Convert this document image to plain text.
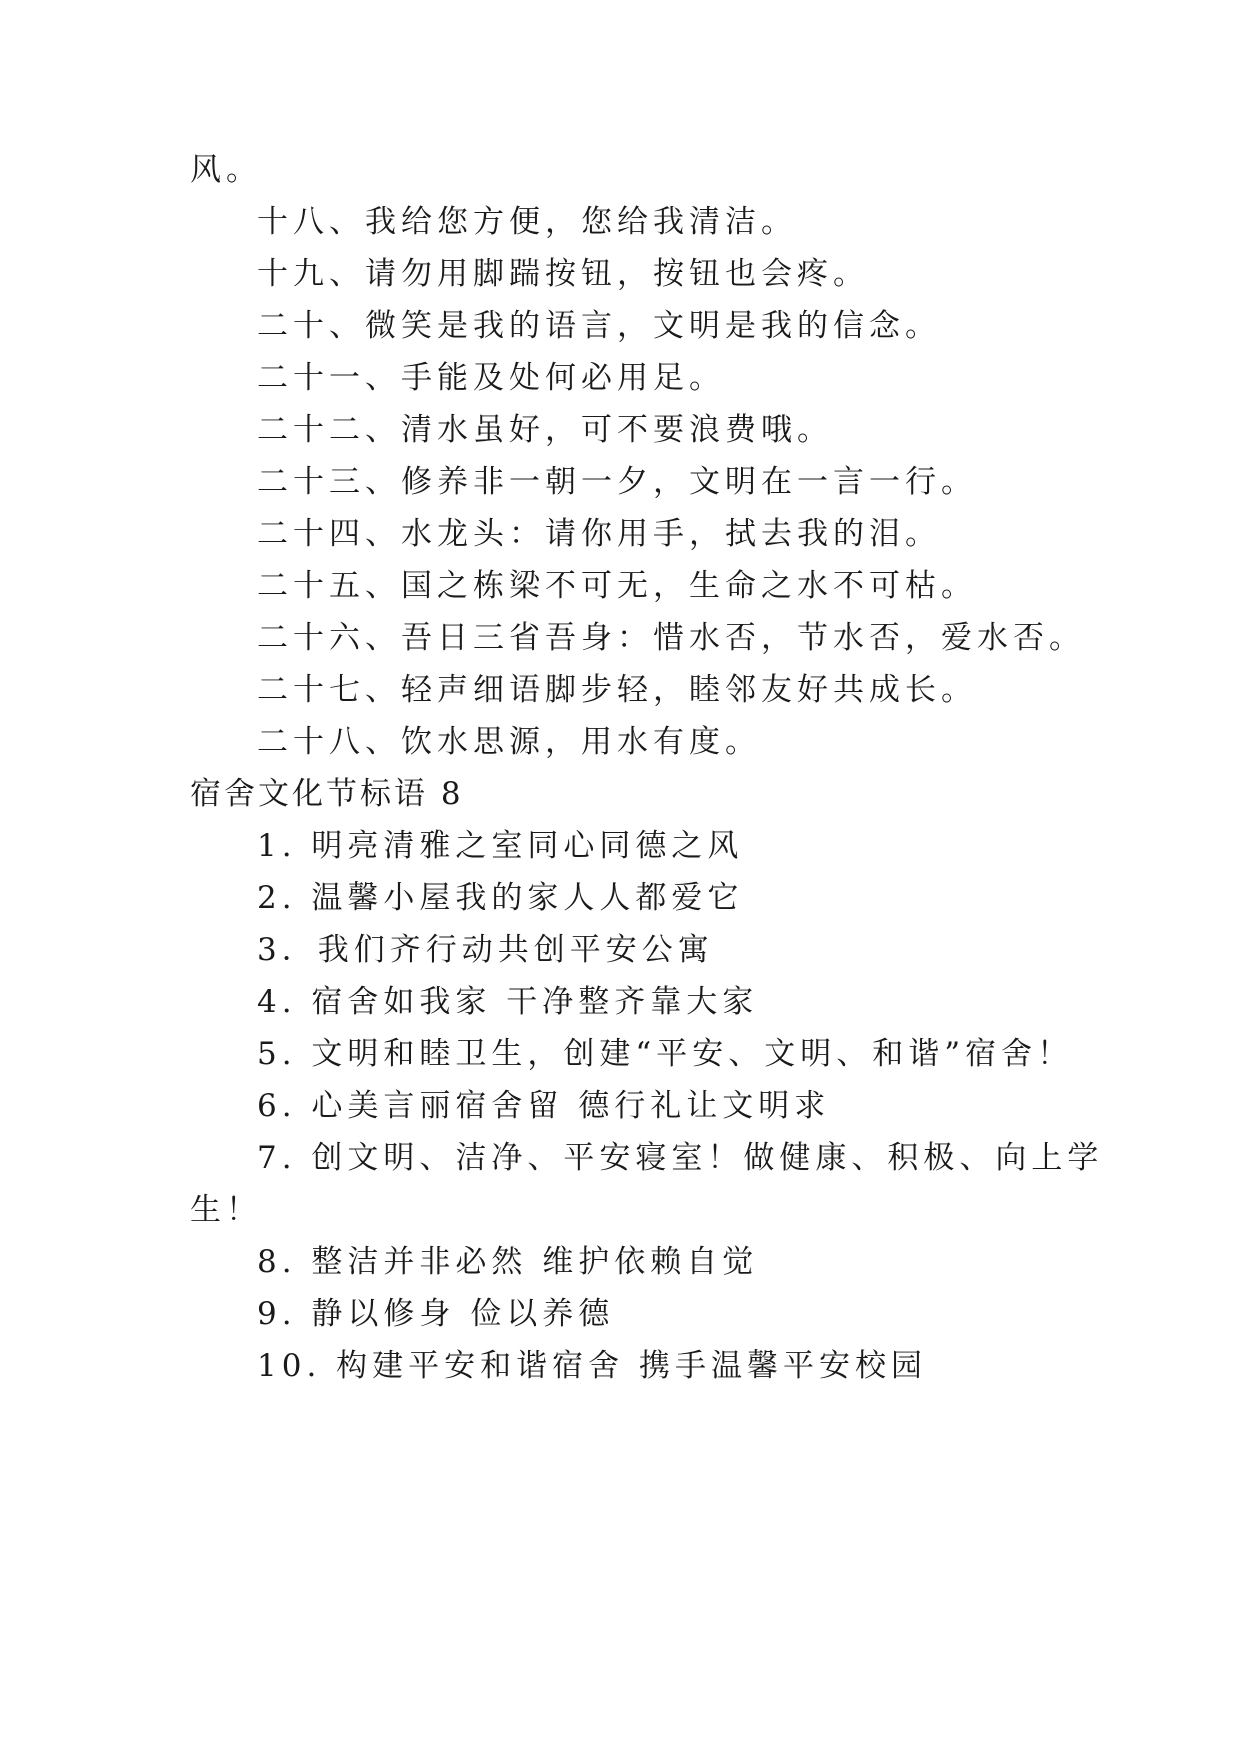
风。
十八、我给您方便，您给我清洁。
十九、请勿用脚踹按钮，按钮也会疼。
二十、微笑是我的语言，文明是我的信念。
二十一、手能及处何必用足。
二十二、清水虽好，可不要浪费哦。
二十三、修养非一朝一夕，文明在一言一行。
二十四、水龙头：请你用手，拭去我的泪。
二十五、国之栋梁不可无，生命之水不可枯。
二十六、吾日三省吾身：惜水否，节水否，爱水否。
二十七、轻声细语脚步轻，睦邻友好共成长。
二十八、饮水思源，用水有度。
宿舍文化节标语 8
1. 明亮清雅之室同心同德之风
2. 温馨小屋我的家人人都爱它
3．我们齐行动共创平安公寓
4. 宿舍如我家 干净整齐靠大家
5. 文明和睦卫生，创建“平安、文明、和谐”宿舍！
6. 心美言丽宿舍留 德行礼让文明求
7. 创文明、洁净、平安寝室！做健康、积极、向上学
生！
8. 整洁并非必然 维护依赖自觉
9. 静以修身 俭以养德
10. 构建平安和谐宿舍 携手温馨平安校园
